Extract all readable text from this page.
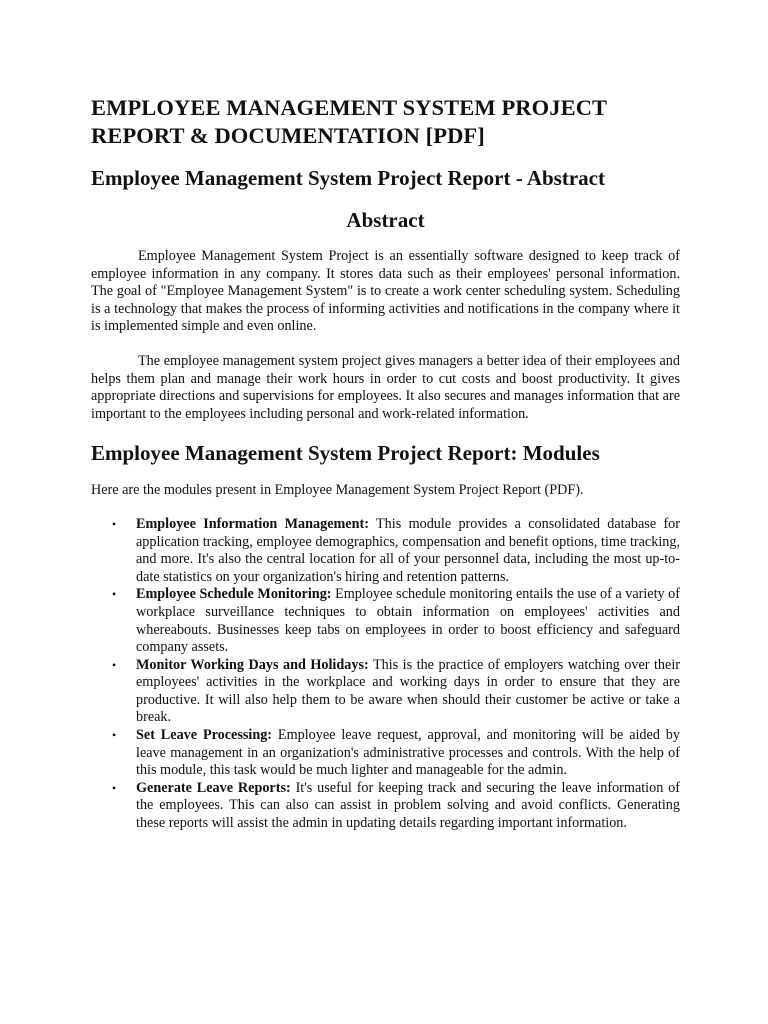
EMPLOYEE MANAGEMENT SYSTEM PROJECT REPORT & DOCUMENTATION [PDF]
Employee Management System Project Report - Abstract
Abstract

Employee Management System Project is an essentially software designed to keep track of employee information in any company. It stores data such as their employees' personal information. The goal of "Employee Management System" is to create a work center scheduling system. Scheduling is a technology that makes the process of informing activities and notifications in the company where it is implemented simple and even online.

The employee management system project gives managers a better idea of their employees and helps them plan and manage their work hours in order to cut costs and boost productivity. It gives appropriate directions and supervisions for employees. It also secures and manages information that are important to the employees including personal and work-related information.

Employee Management System Project Report: Modules

Here are the modules present in Employee Management System Project Report (PDF).

• Employee Information Management: This module provides a consolidated database for application tracking, employee demographics, compensation and benefit options, time tracking, and more. It's also the central location for all of your personnel data, including the most up-to-date statistics on your organization's hiring and retention patterns.
• Employee Schedule Monitoring: Employee schedule monitoring entails the use of a variety of workplace surveillance techniques to obtain information on employees' activities and whereabouts. Businesses keep tabs on employees in order to boost efficiency and safeguard company assets.
• Monitor Working Days and Holidays: This is the practice of employers watching over their employees' activities in the workplace and working days in order to ensure that they are productive. It will also help them to be aware when should their customer be active or take a break.
• Set Leave Processing: Employee leave request, approval, and monitoring will be aided by leave management in an organization's administrative processes and controls. With the help of this module, this task would be much lighter and manageable for the admin.
• Generate Leave Reports: It's useful for keeping track and securing the leave information of the employees. This can also can assist in problem solving and avoid conflicts. Generating these reports will assist the admin in updating details regarding important information.
